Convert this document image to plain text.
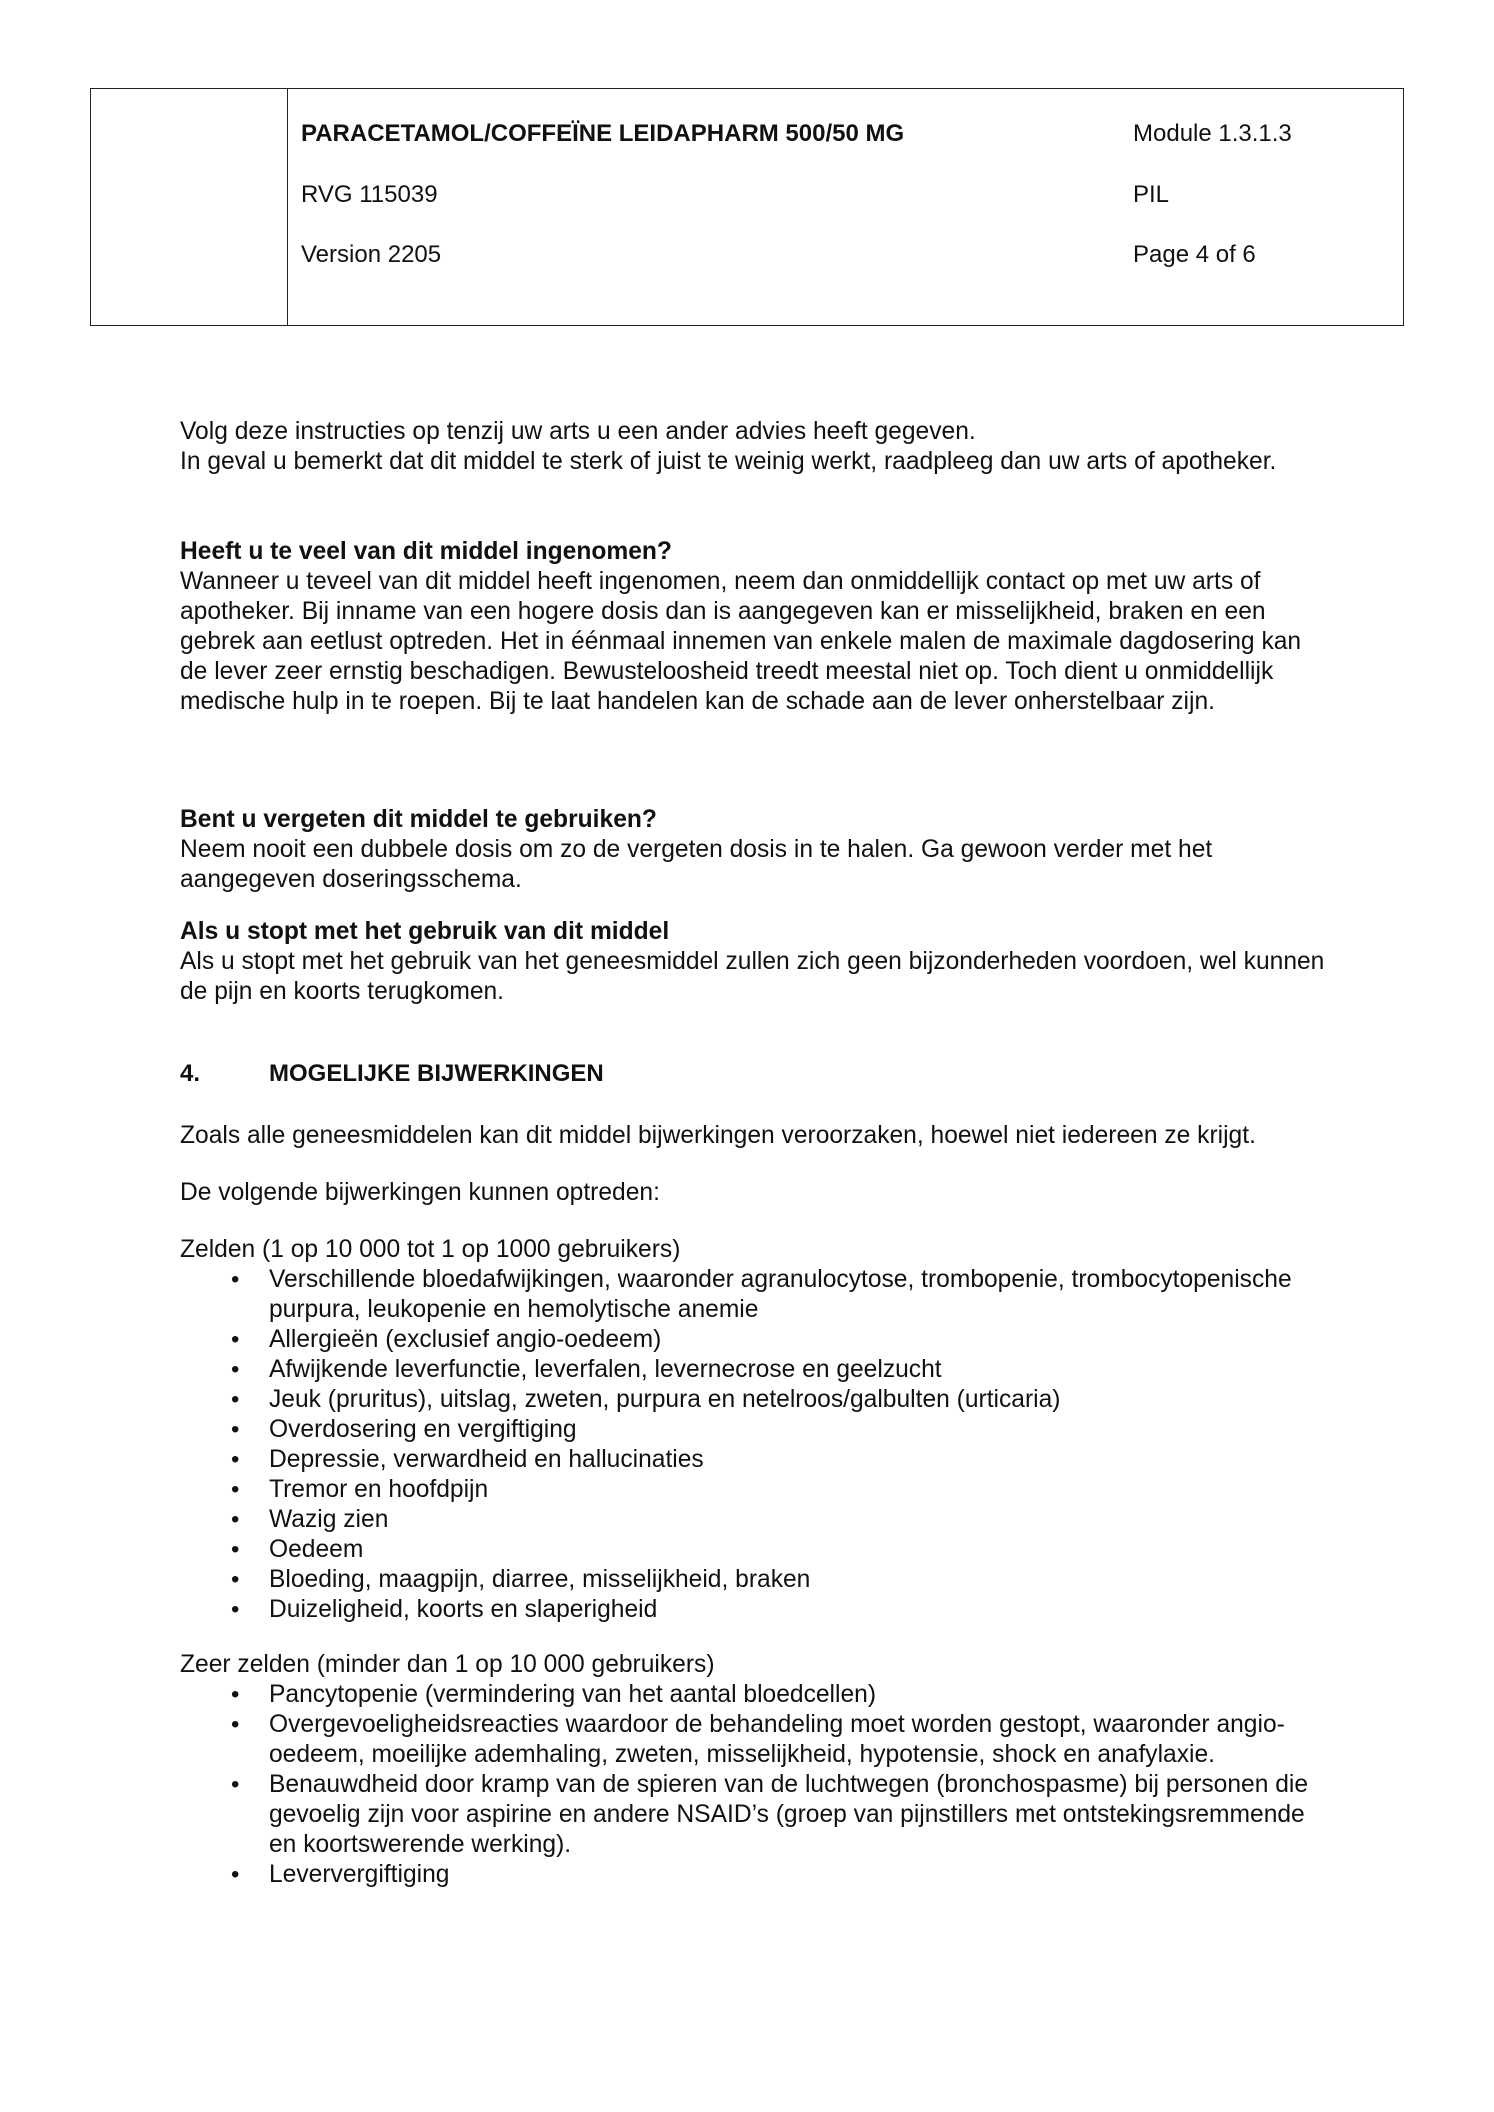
PARACETAMOL/COFFEÏNE LEIDAPHARM 500/50 MG
RVG 115039
Version 2205
Module 1.3.1.3
PIL
Page 4 of 6

Volg deze instructies op tenzij uw arts u een ander advies heeft gegeven.

In geval u bemerkt dat dit middel te sterk of juist te weinig werkt, raadpleeg dan uw arts of apotheker.

Heeft u te veel van dit middel ingenomen?

Wanneer u teveel van dit middel heeft ingenomen, neem dan onmiddellijk contact op met uw arts of apotheker. Bij inname van een hogere dosis dan is aangegeven kan er misselijkheid, braken en een gebrek aan eetlust optreden. Het in éénmaal innemen van enkele malen de maximale dagdosering kan de lever zeer ernstig beschadigen. Bewusteloosheid treedt meestal niet op. Toch dient u onmiddellijk medische hulp in te roepen. Bij te laat handelen kan de schade aan de lever onherstelbaar zijn.

Bent u vergeten dit middel te gebruiken?

Neem nooit een dubbele dosis om zo de vergeten dosis in te halen. Ga gewoon verder met het aangegeven doseringsschema.

Als u stopt met het gebruik van dit middel

Als u stopt met het gebruik van het geneesmiddel zullen zich geen bijzonderheden voordoen, wel kunnen de pijn en koorts terugkomen.

4.	MOGELIJKE BIJWERKINGEN
Zoals alle geneesmiddelen kan dit middel bijwerkingen veroorzaken, hoewel niet iedereen ze krijgt.
De volgende bijwerkingen kunnen optreden:

Zelden (1 op 10 000 tot 1 op 1000 gebruikers)

• Verschillende bloedafwijkingen, waaronder agranulocytose, trombopenie, trombocytopenische purpura, leukopenie en hemolytische anemie
• Allergieën (exclusief angio-oedeem)
• Afwijkende leverfunctie, leverfalen, levernecrose en geelzucht
• Jeuk (pruritus), uitslag, zweten, purpura en netelroos/galbulten (urticaria)
• Overdosering en vergiftiging
• Depressie, verwardheid en hallucinaties
• Tremor en hoofdpijn
• Wazig zien
• Oedeem
• Bloeding, maagpijn, diarree, misselijkheid, braken
• Duizeligheid, koorts en slaperigheid

Zeer zelden (minder dan 1 op 10 000 gebruikers)

• Pancytopenie (vermindering van het aantal bloedcellen)
• Overgevoeligheidsreacties waardoor de behandeling moet worden gestopt, waaronder angio-oedeem, moeilijke ademhaling, zweten, misselijkheid, hypotensie, shock en anafylaxie.
• Benauwdheid door kramp van de spieren van de luchtwegen (bronchospasme) bij personen die gevoelig zijn voor aspirine en andere NSAID’s (groep van pijnstillers met ontstekingsremmende en koortswerende werking).
• Leververgiftiging
